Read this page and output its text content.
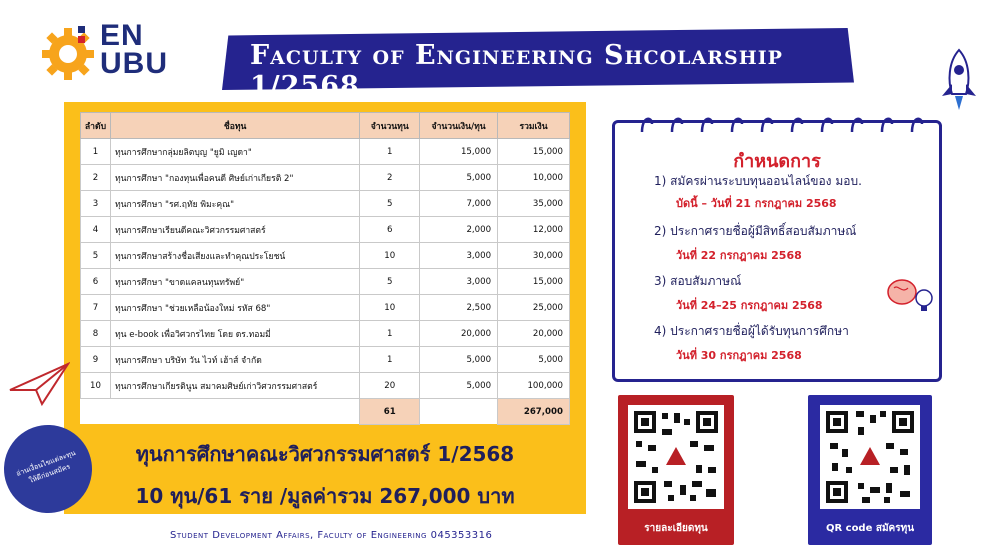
EN
UBU	Faculty of Engineering Shcolarship 1/2568
ลำดับ	ชื่อทุน	จำนวนทุน	จำนวนเงิน/ทุน	รวมเงิน
1	ทุนการศึกษากลุ่มยลิตบุญ "ยูมิ เญดา"	1	15,000	15,000
2	ทุนการศึกษา "กองทุนเพื่อคนดี ศิษย์เก่าเกียรติ 2"	2	5,000	10,000
3	ทุนการศึกษา "รศ.ฤทัย พิมะคุณ"	5	7,000	35,000
4	ทุนการศึกษาเรียนดีคณะวิศวกรรมศาสตร์	6	2,000	12,000
5	ทุนการศึกษาสร้างชื่อเสียงและทำคุณประโยชน์	10	3,000	30,000
6	ทุนการศึกษา "ขาดแคลนทุนทรัพย์"	5	3,000	15,000
7	ทุนการศึกษา "ช่วยเหลือน้องใหม่ รหัส 68"	10	2,500	25,000
8	ทุน e-book เพื่อวิศวกรไทย โดย ดร.ทอมมี่	1	20,000	20,000
9	ทุนการศึกษา บริษัท วัน ไวท์ เฮ้าส์ จำกัด	1	5,000	5,000
10	ทุนการศึกษาเกียรตินูน สมาคมศิษย์เก่าวิศวกรรมศาสตร์	20	5,000	100,000
		61		267,000
ทุนการศึกษาคณะวิศวกรรมศาสตร์ 1/2568
10 ทุน/61 ราย /มูลค่ารวม 267,000 บาท
Student Development Affairs, Faculty of Engineering 045353316
อ่านเงื่อนไขแต่ละทุน ให้ดีก่อนสมัคร
กำหนดการ
1) สมัครผ่านระบบทุนออนไลน์ของ มอบ.
บัดนี้ – วันที่ 21 กรกฎาคม 2568
2) ประกาศรายชื่อผู้มีสิทธิ์สอบสัมภาษณ์
วันที่ 22 กรกฎาคม 2568
3) สอบสัมภาษณ์
วันที่ 24–25 กรกฎาคม 2568
4) ประกาศรายชื่อผู้ได้รับทุนการศึกษา
วันที่ 30 กรกฎาคม 2568
รายละเอียดทุน	QR code สมัครทุน
